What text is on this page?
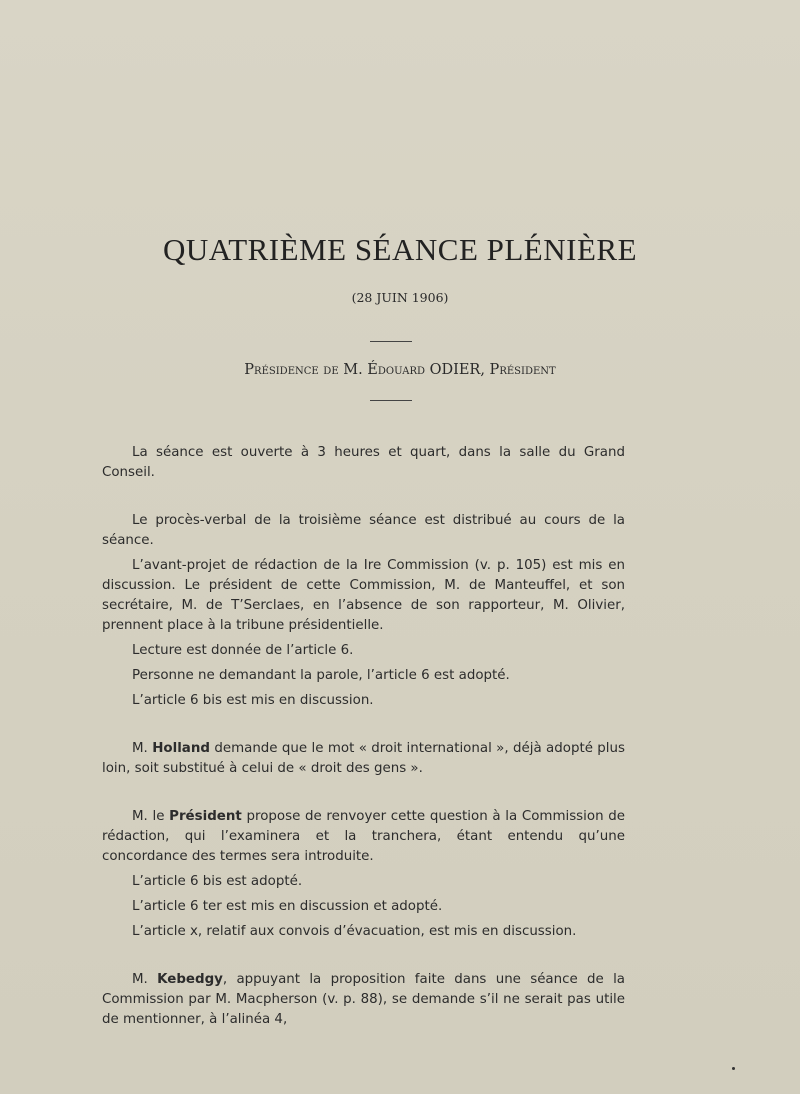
QUATRIÈME SÉANCE PLÉNIÈRE
(28 JUIN 1906)
Présidence de M. Édouard ODIER, Président

La séance est ouverte à 3 heures et quart, dans la salle du Grand Conseil.

Le procès-verbal de la troisième séance est distribué au cours de la séance.

L’avant-projet de rédaction de la Ire Commission (v. p. 105) est mis en discussion. Le président de cette Commission, M. de Manteuffel, et son secrétaire, M. de T’Serclaes, en l’absence de son rapporteur, M. Olivier, prennent place à la tribune présidentielle.

Lecture est donnée de l’article 6.

Personne ne demandant la parole, l’article 6 est adopté.

L’article 6 bis est mis en discussion.

M. Holland demande que le mot « droit international », déjà adopté plus loin, soit substitué à celui de « droit des gens ».

M. le Président propose de renvoyer cette question à la Commission de rédaction, qui l’examinera et la tranchera, étant entendu qu’une concordance des termes sera introduite.

L’article 6 bis est adopté.

L’article 6 ter est mis en discussion et adopté.

L’article x, relatif aux convois d’évacuation, est mis en discussion.

M. Kebedgy, appuyant la proposition faite dans une séance de la Commission par M. Macpherson (v. p. 88), se demande s’il ne serait pas utile de mentionner, à l’alinéa 4,
